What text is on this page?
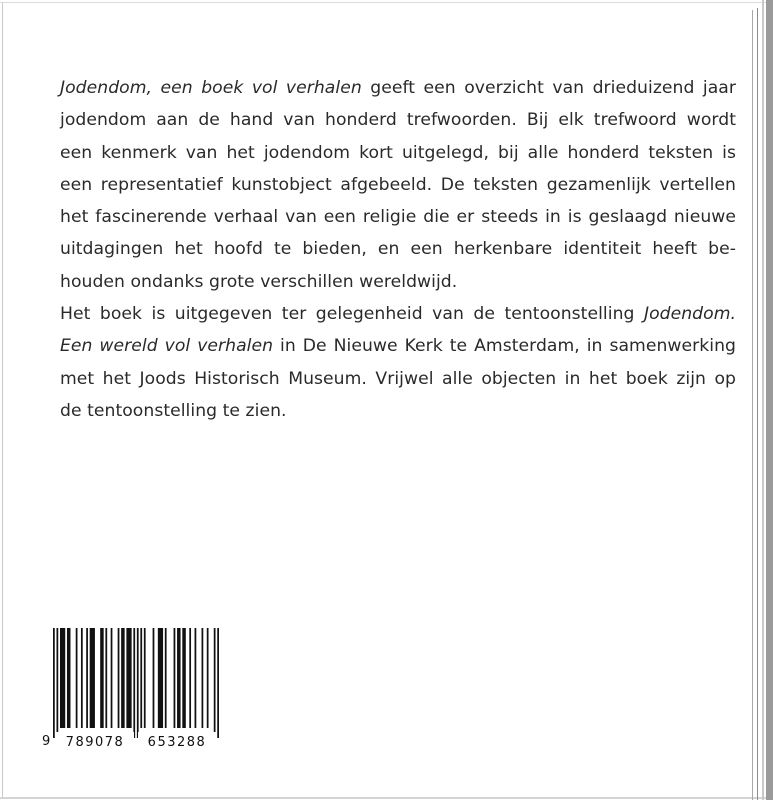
Jodendom, een boek vol verhalen geeft een overzicht van drieduizend jaar
jodendom aan de hand van honderd trefwoorden. Bij elk trefwoord wordt
een kenmerk van het jodendom kort uitgelegd, bij alle honderd teksten is
een representatief kunstobject afgebeeld. De teksten gezamenlijk vertellen
het fascinerende verhaal van een religie die er steeds in is geslaagd nieuwe
uitdagingen het hoofd te bieden, en een herkenbare identiteit heeft be-
houden ondanks grote verschillen wereldwijd.
Het boek is uitgegeven ter gelegenheid van de tentoonstelling Jodendom.
Een wereld vol verhalen in De Nieuwe Kerk te Amsterdam, in samenwerking
met het Joods Historisch Museum. Vrijwel alle objecten in het boek zijn op
de tentoonstelling te zien.
9	789078	653288
